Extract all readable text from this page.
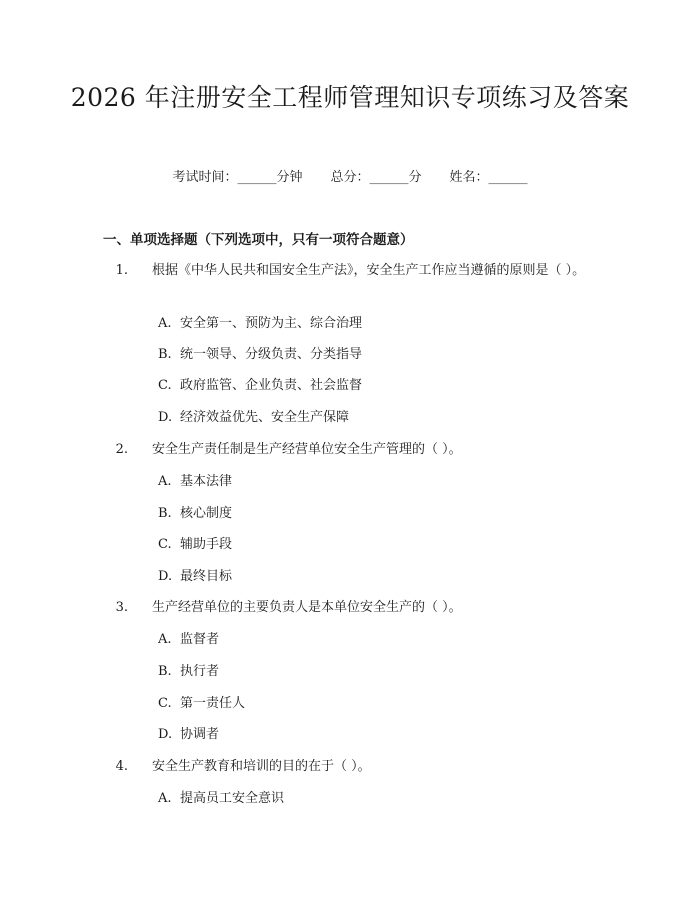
2026 年注册安全工程师管理知识专项练习及答案
考试时间：______分钟 总分：______分 姓名：______
一、单项选择题（下列选项中，只有一项符合题意）
1. 根据《中华人民共和国安全生产法》，安全生产工作应当遵循的原则是（ ）。
A. 安全第一、预防为主、综合治理
B. 统一领导、分级负责、分类指导
C. 政府监管、企业负责、社会监督
D. 经济效益优先、安全生产保障
2. 安全生产责任制是生产经营单位安全生产管理的（ ）。
A. 基本法律
B. 核心制度
C. 辅助手段
D. 最终目标
3. 生产经营单位的主要负责人是本单位安全生产的（ ）。
A. 监督者
B. 执行者
C. 第一责任人
D. 协调者
4. 安全生产教育和培训的目的在于（ ）。
A. 提高员工安全意识
